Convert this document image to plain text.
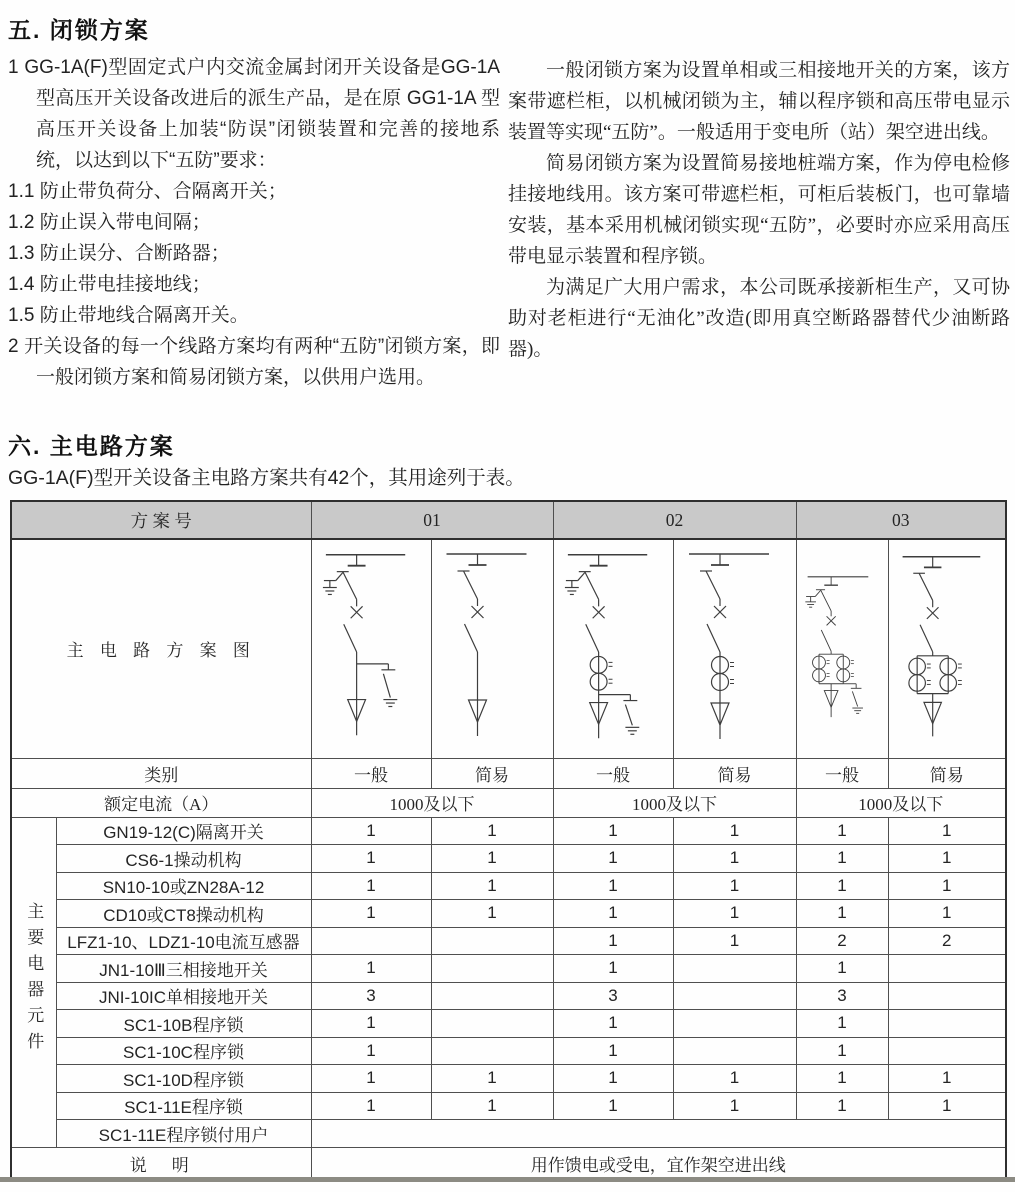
五. 闭锁方案

1 GG-1A(F)型固定式户内交流金属封闭开关设备是GG-1A型高压开关设备改进后的派生产品，是在原 GG1-1A 型高压开关设备上加装“防误”闭锁装置和完善的接地系统，以达到以下“五防”要求：

1.1 防止带负荷分、合隔离开关；

1.2 防止误入带电间隔；

1.3 防止误分、合断路器；

1.4 防止带电挂接地线；

1.5 防止带地线合隔离开关。

2 开关设备的每一个线路方案均有两种“五防”闭锁方案，即一般闭锁方案和简易闭锁方案，以供用户选用。

一般闭锁方案为设置单相或三相接地开关的方案，该方案带遮栏柜，以机械闭锁为主，辅以程序锁和高压带电显示装置等实现“五防”。一般适用于变电所（站）架空进出线。

简易闭锁方案为设置简易接地桩端方案，作为停电检修挂接地线用。该方案可带遮栏柜，可柜后装板门，也可靠墙安装，基本采用机械闭锁实现“五防”，必要时亦应采用高压带电显示装置和程序锁。

为满足广大用户需求，本公司既承接新柜生产，又可协助对老柜进行“无油化”改造(即用真空断路器替代少油断路器)。

六. 主电路方案
GG-1A(F)型开关设备主电路方案共有42个，其用途列于表。
方 案 号		01		02		03	
主 电 路 方 案 图	

类别		一般	简易	一般	简易	一般	简易
额定电流（A）		1000及以下		1000及以下		1000及以下	
主要电器元件	GN19-12(C)隔离开关	1	1	1	1	1	1
	CS6-1操动机构	1	1	1	1	1	1
	SN10-10或ZN28A-12	1	1	1	1	1	1
	CD10或CT8操动机构	1	1	1	1	1	1
	LFZ1-10、LDZ1-10电流互感器			1	1	2	2
	JN1-10Ⅲ三相接地开关	1		1		1	
	JNI-10IC单相接地开关	3		3		3	
	SC1-10B程序锁	1		1		1	
	SC1-10C程序锁	1		1		1	
	SC1-10D程序锁	1	1	1	1	1	1
	SC1-11E程序锁	1	1	1	1	1	1
	SC1-11E程序锁付用户						
说　明		用作馈电或受电，宜作架空进出线					
